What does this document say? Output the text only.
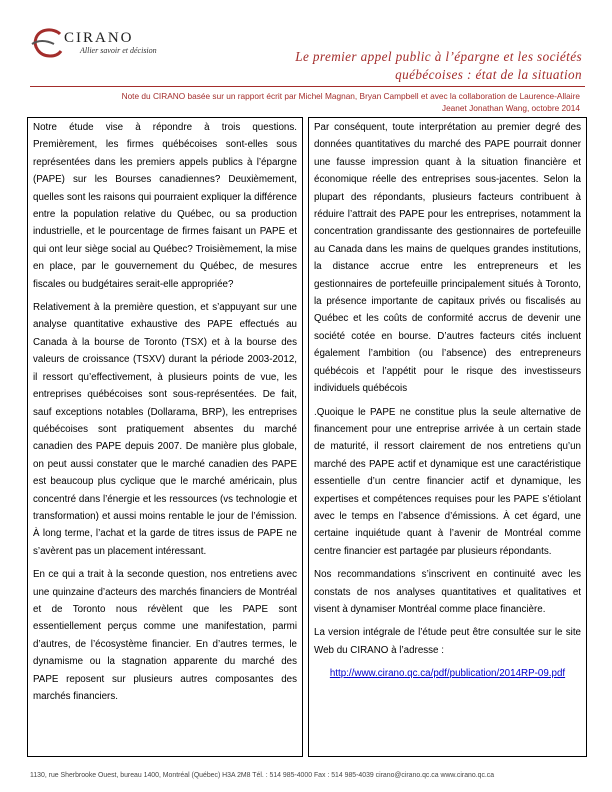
CIRANO
Allier savoir et décision	Le premier appel public à l’épargne et les sociétés
québécoises : état de la situation
Note du CIRANO basée sur un rapport écrit par Michel Magnan, Bryan Campbell et avec la collaboration de Laurence-Allaire
Jeanet Jonathan Wang, octobre 2014

Notre étude vise à répondre à trois questions. Premièrement, les firmes québécoises sont-elles sous représentées dans les premiers appels publics à l’épargne (PAPE) sur les Bourses canadiennes? Deuxièmement, quelles sont les raisons qui pourraient expliquer la différence entre la population relative du Québec, ou sa production industrielle, et le pourcentage de firmes faisant un PAPE et qui ont leur siège social au Québec? Troisièmement, la mise en place, par le gouvernement du Québec, de mesures fiscales ou budgétaires serait-elle appropriée?

Relativement à la première question, et s’appuyant sur une analyse quantitative exhaustive des PAPE effectués au Canada à la bourse de Toronto (TSX) et à la bourse des valeurs de croissance (TSXV) durant la période 2003-2012, il ressort qu’effectivement, à plusieurs points de vue, les entreprises québécoises sont sous-représentées. De fait, sauf exceptions notables (Dollarama, BRP), les entreprises québécoises sont pratiquement absentes du marché canadien des PAPE depuis 2007. De manière plus globale, on peut aussi constater que le marché canadien des PAPE est beaucoup plus cyclique que le marché américain, plus concentré dans l’énergie et les ressources (vs technologie et transformation) et aussi moins rentable le jour de l’émission. À long terme, l’achat et la garde de titres issus de PAPE ne s’avèrent pas un placement intéressant.

En ce qui a trait à la seconde question, nos entretiens avec une quinzaine d’acteurs des marchés financiers de Montréal et de Toronto nous révèlent que les PAPE sont essentiellement perçus comme une manifestation, parmi d’autres, de l’écosystème financier. En d’autres termes, le dynamisme ou la stagnation apparente du marché des PAPE reposent sur plusieurs autres composantes des marchés financiers.

Par conséquent, toute interprétation au premier degré des données quantitatives du marché des PAPE pourrait donner une fausse impression quant à la situation financière et économique réelle des entreprises sous-jacentes. Selon la plupart des répondants, plusieurs facteurs contribuent à réduire l’attrait des PAPE pour les entreprises, notamment la concentration grandissante des gestionnaires de portefeuille au Canada dans les mains de quelques grandes institutions, la distance accrue entre les entrepreneurs et les gestionnaires de portefeuille principalement situés à Toronto, la présence importante de capitaux privés ou fiscalisés au Québec et les coûts de conformité accrus de devenir une société cotée en bourse. D’autres facteurs cités incluent également l’ambition (ou l’absence) des entrepreneurs québécois et l’appétit pour le risque des investisseurs individuels québécois

.Quoique le PAPE ne constitue plus la seule alternative de financement pour une entreprise arrivée à un certain stade de maturité, il ressort clairement de nos entretiens qu’un marché des PAPE actif et dynamique est une caractéristique essentielle d’un centre financier actif et dynamique, les expertises et compétences requises pour les PAPE s’étiolant avec le temps en l’absence d’émissions. À cet égard, une certaine inquiétude quant à l’avenir de Montréal comme centre financier est partagée par plusieurs répondants.

Nos recommandations s’inscrivent en continuité avec les constats de nos analyses quantitatives et qualitatives et visent à dynamiser Montréal comme place financière.

La version intégrale de l’étude peut être consultée sur le site Web du CIRANO à l’adresse :

http://www.cirano.qc.ca/pdf/publication/2014RP-09.pdf

1130, rue Sherbrooke Ouest, bureau 1400, Montréal (Québec) H3A 2M8 Tél. : 514 985-4000 Fax : 514 985-4039 cirano@cirano.qc.ca www.cirano.qc.ca
